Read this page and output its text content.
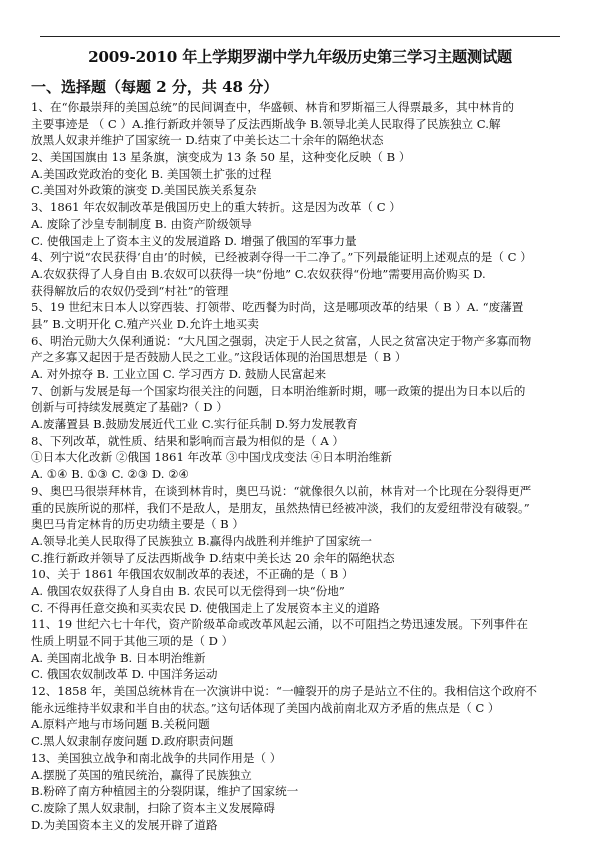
2009-2010 年上学期罗湖中学九年级历史第三学习主题测试题
一、选择题（每题 2 分，共 48 分）
1、在“你最崇拜的美国总统”的民间调查中，华盛顿、林肯和罗斯福三人得票最多，其中林肯的
主要事迹是 （ C ）A.推行新政并领导了反法西斯战争 B.领导北美人民取得了民族独立 C.解
放黑人奴隶并维护了国家统一 D.结束了中美长达二十余年的隔绝状态
2、美国国旗由 13 星条旗，演变成为 13 条 50 星，这种变化反映（ B ）
A.美国政党政治的变化 B. 美国领土扩张的过程
C.美国对外政策的演变 D.美国民族关系复杂
3、1861 年农奴制改革是俄国历史上的重大转折。这是因为改革（ C ）
A. 废除了沙皇专制制度 B. 由资产阶级领导
C. 使俄国走上了资本主义的发展道路 D. 增强了俄国的军事力量
4、列宁说“农民获得‘自由’的时候，已经被剥夺得一干二净了。”下列最能证明上述观点的是（ C ）
A.农奴获得了人身自由 B.农奴可以获得一块“份地” C.农奴获得“份地”需要用高价购买 D.
获得解放后的农奴仍受到“村社”的管理
5、19 世纪末日本人以穿西装、打领带、吃西餐为时尚，这是哪项改革的结果（ B ）A. “废藩置
县” B.文明开化 C.殖产兴业 D.允许土地买卖
6、明治元勋大久保利通说：“大凡国之强弱，决定于人民之贫富，人民之贫富决定于物产多寡而物
产之多寡又起因于是否鼓励人民之工业。”这段话体现的治国思想是（ B ）
A. 对外掠夺 B. 工业立国 C. 学习西方 D. 鼓励人民富起来
7、创新与发展是每一个国家均很关注的问题，日本明治维新时期，哪一政策的提出为日本以后的
创新与可持续发展奠定了基础?（ D ）
A.废藩置县 B.鼓励发展近代工业 C.实行征兵制 D.努力发展教育
8、下列改革，就性质、结果和影响而言最为相似的是（ A ）
①日本大化改新 ②俄国 1861 年改革 ③中国戊戌变法 ④日本明治维新
A. ①④ B. ①③ C. ②③ D. ②④
9、奥巴马很崇拜林肯，在谈到林肯时，奥巴马说：“就像很久以前，林肯对一个比现在分裂得更严
重的民族所说的那样，我们不是敌人，是朋友，虽然热情已经被冲淡，我们的友爱纽带没有破裂。”
奥巴马肯定林肯的历史功绩主要是（ B ）
A.领导北美人民取得了民族独立 B.赢得内战胜利并维护了国家统一
C.推行新政并领导了反法西斯战争 D.结束中美长达 20 余年的隔绝状态
10、关于 1861 年俄国农奴制改革的表述，不正确的是（ B ）
A. 俄国农奴获得了人身自由 B. 农民可以无偿得到一块“份地”
C. 不得再任意交换和买卖农民 D. 使俄国走上了发展资本主义的道路
11、19 世纪六七十年代，资产阶级革命或改革风起云涌，以不可阻挡之势迅速发展。下列事件在
性质上明显不同于其他三项的是（ D ）
A. 美国南北战争 B. 日本明治维新
C. 俄国农奴制改革 D. 中国洋务运动
12、1858 年，美国总统林肯在一次演讲中说：“一幢裂开的房子是站立不住的。我相信这个政府不
能永远维持半奴隶和半自由的状态。”这句话体现了美国内战前南北双方矛盾的焦点是（ C ）
A.原料产地与市场问题 B.关税问题
C.黑人奴隶制存废问题 D.政府职责问题
13、美国独立战争和南北战争的共同作用是（ ）
A.摆脱了英国的殖民统治，赢得了民族独立
B.粉碎了南方种植园主的分裂阴谋，维护了国家统一
C.废除了黑人奴隶制，扫除了资本主义发展障碍
D.为美国资本主义的发展开辟了道路
